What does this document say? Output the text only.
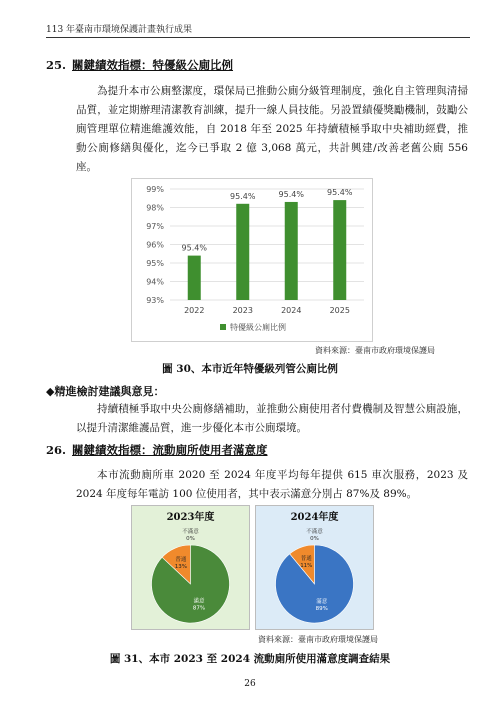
113 年臺南市環境保護計畫執行成果
25. 關鍵績效指標：特優級公廁比例

為提升本市公廁整潔度，環保局已推動公廁分級管理制度，強化自主管理與清掃品質，並定期辦理清潔教育訓練，提升一線人員技能。另設置績優獎勵機制，鼓勵公廁管理單位精進維護效能，自 2018 年至 2025 年持續積極爭取中央補助經費，推動公廁修繕與優化，迄今已爭取 2 億 3,068 萬元，共計興建/改善老舊公廁 556 座。

93%
94%
95%
96%
97%
98%
99%
95.4%
2022
95.4%
2023
95.4%
2024
95.4%
2025
特優級公廁比例
資料來源：臺南市政府環境保護局
圖 30、本市近年特優級列管公廁比例
◆精進檢討建議與意見：

持續積極爭取中央公廁修繕補助，並推動公廁使用者付費機制及智慧公廁設施，以提升清潔維護品質，進一步優化本市公廁環境。

26. 關鍵績效指標：流動廁所使用者滿意度

本市流動廁所車 2020 至 2024 年度平均每年提供 615 車次服務，2023 及 2024 年度每年電訪 100 位使用者，其中表示滿意分別占 87%及 89%。

2023年度
不滿意
0%
普通
13%
滿意
87%
2024年度
不滿意
0%
普通
11%
滿意
89%
資料來源：臺南市政府環境保護局
圖 31、本市 2023 至 2024 流動廁所使用滿意度調查結果
26
